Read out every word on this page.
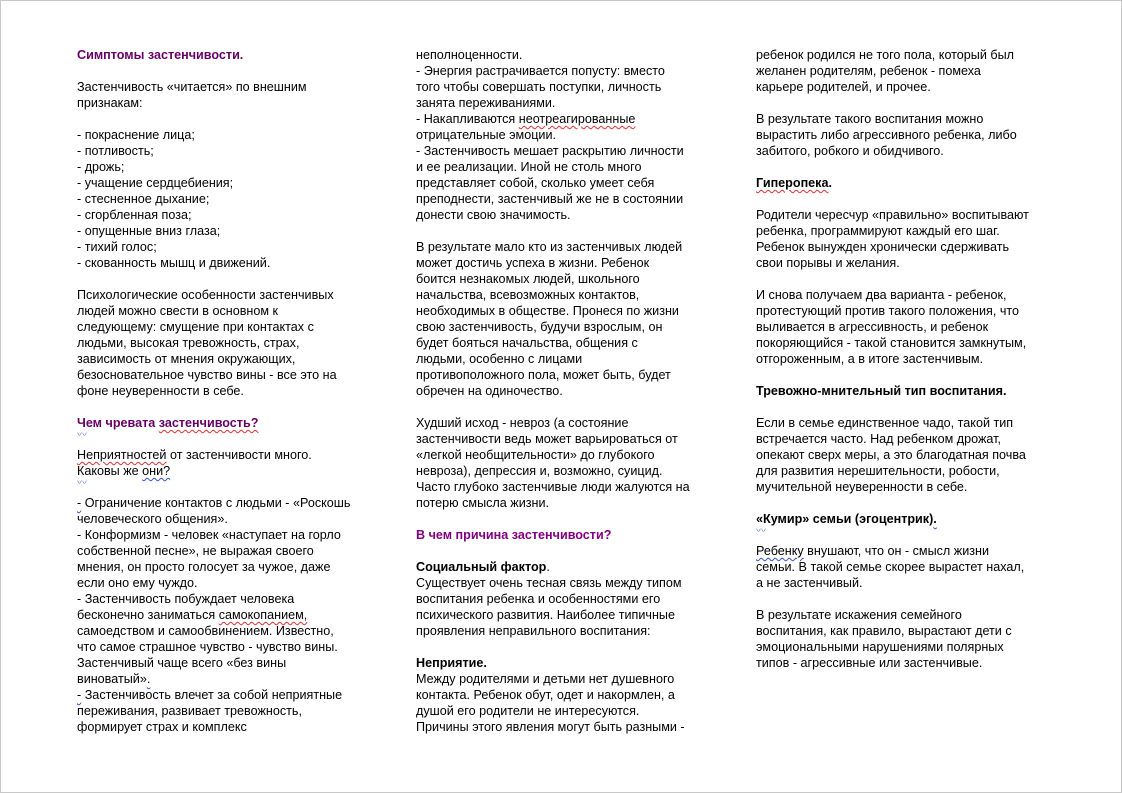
Симптомы застенчивости.
Застенчивость «читается» по внешним
признакам:
- покраснение лица;
- потливость;
- дрожь;
- учащение сердцебиения;
- стесненное дыхание;
- сгорбленная поза;
- опущенные вниз глаза;
- тихий голос;
- скованность мышц и движений.
Психологические особенности застенчивых
людей можно свести в основном к
следующему: смущение при контактах с
людьми, высокая тревожность, страх,
зависимость от мнения окружающих,
безосновательное чувство вины - все это на
фоне неуверенности в себе.
Чем чревата застенчивость?
〰
Неприятностей от застенчивости много.
Каковы же они?
〰
- Ограничение контактов с людьми - «Роскошь
человеческого общения».
- Конформизм - человек «наступает на горло
собственной песне», не выражая своего
мнения, он просто голосует за чужое, даже
если оно ему чуждо.
- Застенчивость побуждает человека
бесконечно заниматься самокопанием,
самоедством и самообвинением. Известно,
что самое страшное чувство - чувство вины.
Застенчивый чаще всего «без вины
виноватый».
- Застенчивость влечет за собой неприятные
переживания, развивает тревожность,
формирует страх и комплекс
неполноценности.
- Энергия растрачивается попусту: вместо
того чтобы совершать поступки, личность
занята переживаниями.
- Накапливаются неотреагированные
отрицательные эмоции.
- Застенчивость мешает раскрытию личности
и ее реализации. Иной не столь много
представляет собой, сколько умеет себя
преподнести, застенчивый же не в состоянии
донести свою значимость.
В результате мало кто из застенчивых людей
может достичь успеха в жизни. Ребенок
боится незнакомых людей, школьного
начальства, всевозможных контактов,
необходимых в обществе. Пронеся по жизни
свою застенчивость, будучи взрослым, он
будет бояться начальства, общения с
людьми, особенно с лицами
противоположного пола, может быть, будет
обречен на одиночество.
Худший исход - невроз (а состояние
застенчивости ведь может варьироваться от
«легкой необщительности» до глубокого
невроза), депрессия и, возможно, суицид.
Часто глубоко застенчивые люди жалуются на
потерю смысла жизни.
В чем причина застенчивости?
Социальный фактор.
Существует очень тесная связь между типом
воспитания ребенка и особенностями его
психического развития. Наиболее типичные
проявления неправильного воспитания:
Неприятие.
Между родителями и детьми нет душевного
контакта. Ребенок обут, одет и накормлен, а
душой его родители не интересуются.
Причины этого явления могут быть разными -
ребенок родился не того пола, который был
желанен родителям, ребенок - помеха
карьере родителей, и прочее.
В результате такого воспитания можно
вырастить либо агрессивного ребенка, либо
забитого, робкого и обидчивого.
Гиперопека.
Родители чересчур «правильно» воспитывают
ребенка, программируют каждый его шаг.
Ребенок вынужден хронически сдерживать
свои порывы и желания.
И снова получаем два варианта - ребенок,
протестующий против такого положения, что
выливается в агрессивность, и ребенок
покоряющийся - такой становится замкнутым,
отгороженным, а в итоге застенчивым.
Тревожно-мнительный тип воспитания.
Если в семье единственное чадо, такой тип
встречается часто. Над ребенком дрожат,
опекают сверх меры, а это благодатная почва
для развития нерешительности, робости,
мучительной неуверенности в себе.
«Кумир» семьи (эгоцентрик).
〰
Ребенку внушают, что он - смысл жизни
семьи. В такой семье скорее вырастет нахал,
а не застенчивый.
В результате искажения семейного
воспитания, как правило, вырастают дети с
эмоциональными нарушениями полярных
типов - агрессивные или застенчивые.
